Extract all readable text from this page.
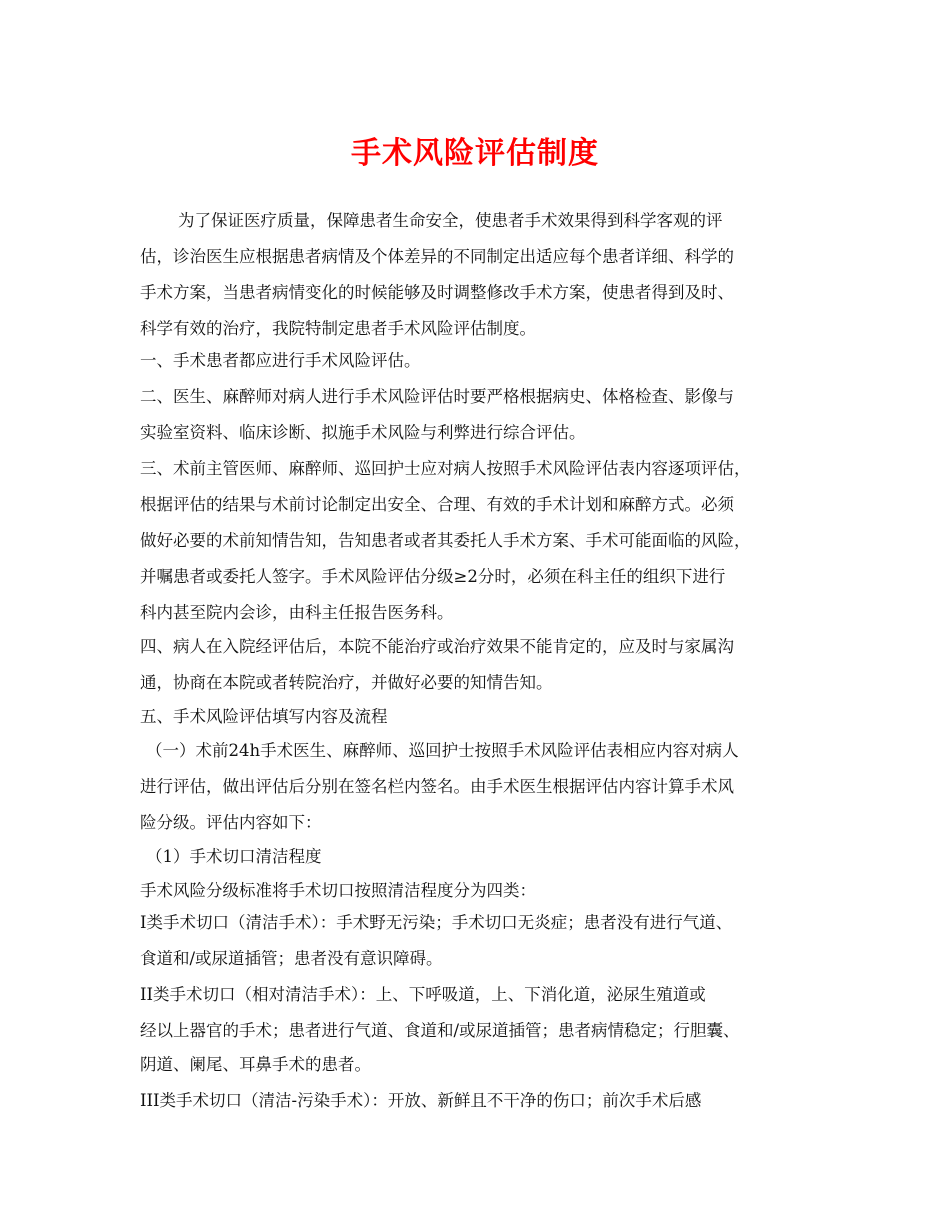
手术风险评估制度
为了保证医疗质量，保障患者生命安全，使患者手术效果得到科学客观的评
估，诊治医生应根据患者病情及个体差异的不同制定出适应每个患者详细、科学的
手术方案，当患者病情变化的时候能够及时调整修改手术方案，使患者得到及时、
科学有效的治疗，我院特制定患者手术风险评估制度。
一、手术患者都应进行手术风险评估。
二、医生、麻醉师对病人进行手术风险评估时要严格根据病史、体格检查、影像与
实验室资料、临床诊断、拟施手术风险与利弊进行综合评估。
三、术前主管医师、麻醉师、巡回护士应对病人按照手术风险评估表内容逐项评估，
根据评估的结果与术前讨论制定出安全、合理、有效的手术计划和麻醉方式。必须
做好必要的术前知情告知，告知患者或者其委托人手术方案、手术可能面临的风险，
并嘱患者或委托人签字。手术风险评估分级≥2分时，必须在科主任的组织下进行
科内甚至院内会诊，由科主任报告医务科。
四、病人在入院经评估后，本院不能治疗或治疗效果不能肯定的，应及时与家属沟
通，协商在本院或者转院治疗，并做好必要的知情告知。
五、手术风险评估填写内容及流程
（一）术前24h手术医生、麻醉师、巡回护士按照手术风险评估表相应内容对病人
进行评估，做出评估后分别在签名栏内签名。由手术医生根据评估内容计算手术风
险分级。评估内容如下：
（1）手术切口清洁程度
手术风险分级标准将手术切口按照清洁程度分为四类：
I类手术切口（清洁手术）：手术野无污染；手术切口无炎症；患者没有进行气道、
食道和/或尿道插管；患者没有意识障碍。
II类手术切口（相对清洁手术）：上、下呼吸道，上、下消化道，泌尿生殖道或
经以上器官的手术；患者进行气道、食道和/或尿道插管；患者病情稳定；行胆囊、
阴道、阑尾、耳鼻手术的患者。
III类手术切口（清洁-污染手术）：开放、新鲜且不干净的伤口；前次手术后感
